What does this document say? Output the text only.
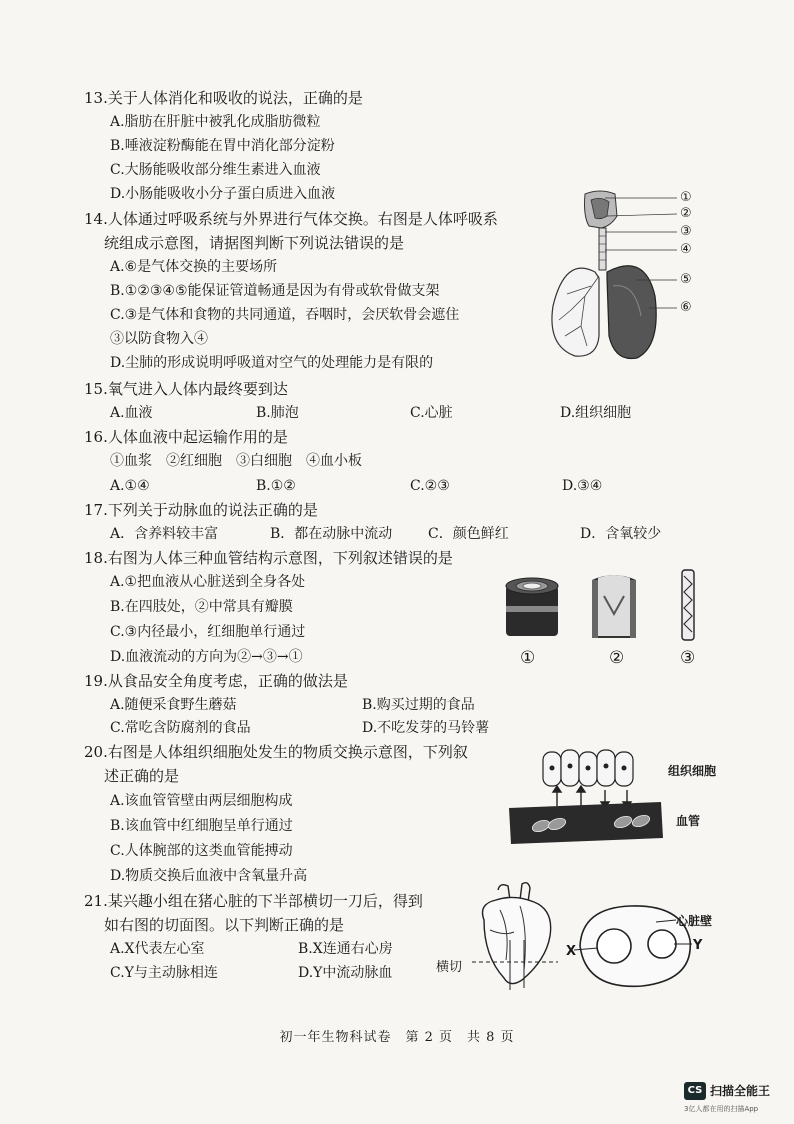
13.关于人体消化和吸收的说法，正确的是
A.脂肪在肝脏中被乳化成脂肪微粒
B.唾液淀粉酶能在胃中消化部分淀粉
C.大肠能吸收部分维生素进入血液
D.小肠能吸收小分子蛋白质进入血液
14.人体通过呼吸系统与外界进行气体交换。右图是人体呼吸系
统组成示意图，请据图判断下列说法错误的是
A.⑥是气体交换的主要场所
B.①②③④⑤能保证管道畅通是因为有骨或软骨做支架
C.③是气体和食物的共同通道，吞咽时，会厌软骨会遮住
③以防食物入④
D.尘肺的形成说明呼吸道对空气的处理能力是有限的
①
②
③
④
⑤
⑥
15.氧气进入人体内最终要到达
A.血液	B.肺泡	C.心脏	D.组织细胞
16.人体血液中起运输作用的是
①血浆　②红细胞　③白细胞　④血小板
A.①④	B.①②	C.②③	D.③④
17.下列关于动脉血的说法正确的是
A．含养料较丰富	B．都在动脉中流动	C．颜色鲜红	D．含氧较少
18.右图为人体三种血管结构示意图，下列叙述错误的是
A.①把血液从心脏送到全身各处
B.在四肢处，②中常具有瓣膜
C.③内径最小，红细胞单行通过
D.血液流动的方向为②→③→①	①	②	③
19.从食品安全角度考虑，正确的做法是
A.随便采食野生蘑菇	B.购买过期的食品
C.常吃含防腐剂的食品	D.不吃发芽的马铃薯
20.右图是人体组织细胞处发生的物质交换示意图，下列叙
述正确的是
A.该血管管壁由两层细胞构成
B.该血管中红细胞呈单行通过
C.人体腕部的这类血管能搏动
D.物质交换后血液中含氧量升高
组织细胞
血管
21.某兴趣小组在猪心脏的下半部横切一刀后，得到
如右图的切面图。以下判断正确的是
A.X代表左心室	B.X连通右心房
C.Y与主动脉相连	D.Y中流动脉血	横切
X	Y
心脏壁
初一年生物科试卷　第 2 页　共 8 页
CS 扫描全能王
3亿人都在用的扫描App
